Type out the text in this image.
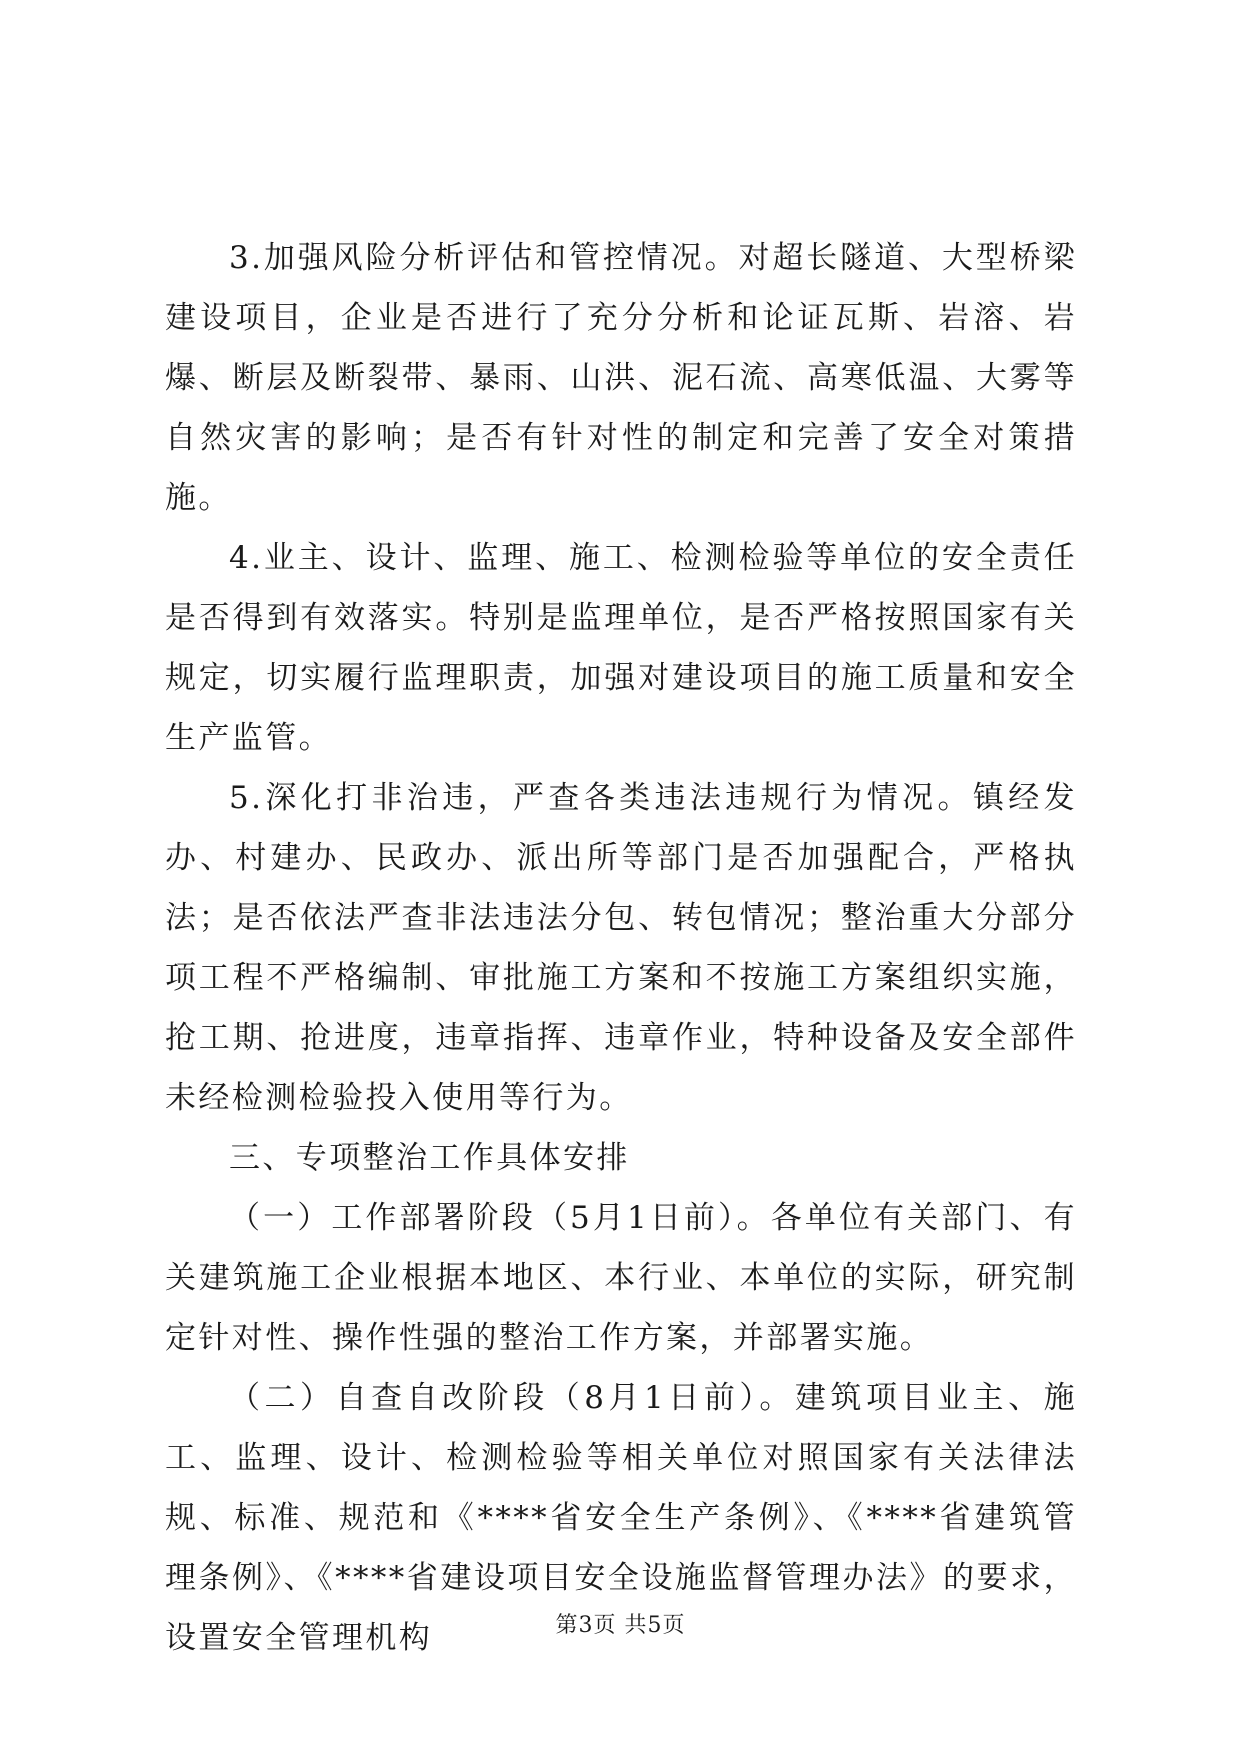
3.加强风险分析评估和管控情况。对超长隧道、大型桥梁建设项目，企业是否进行了充分分析和论证瓦斯、岩溶、岩爆、断层及断裂带、暴雨、山洪、泥石流、高寒低温、大雾等自然灾害的影响；是否有针对性的制定和完善了安全对策措施。

4.业主、设计、监理、施工、检测检验等单位的安全责任是否得到有效落实。特别是监理单位，是否严格按照国家有关规定，切实履行监理职责，加强对建设项目的施工质量和安全生产监管。

5.深化打非治违，严查各类违法违规行为情况。镇经发办、村建办、民政办、派出所等部门是否加强配合，严格执法；是否依法严查非法违法分包、转包情况；整治重大分部分项工程不严格编制、审批施工方案和不按施工方案组织实施，抢工期、抢进度，违章指挥、违章作业，特种设备及安全部件未经检测检验投入使用等行为。

三、专项整治工作具体安排

（一）工作部署阶段（5月1日前）。各单位有关部门、有关建筑施工企业根据本地区、本行业、本单位的实际，研究制定针对性、操作性强的整治工作方案，并部署实施。

（二）自查自改阶段（8月1日前）。建筑项目业主、施工、监理、设计、检测检验等相关单位对照国家有关法律法规、标准、规范和《****省安全生产条例》、《****省建筑管理条例》、《****省建设项目安全设施监督管理办法》的要求，设置安全管理机构	第3页 共5页
